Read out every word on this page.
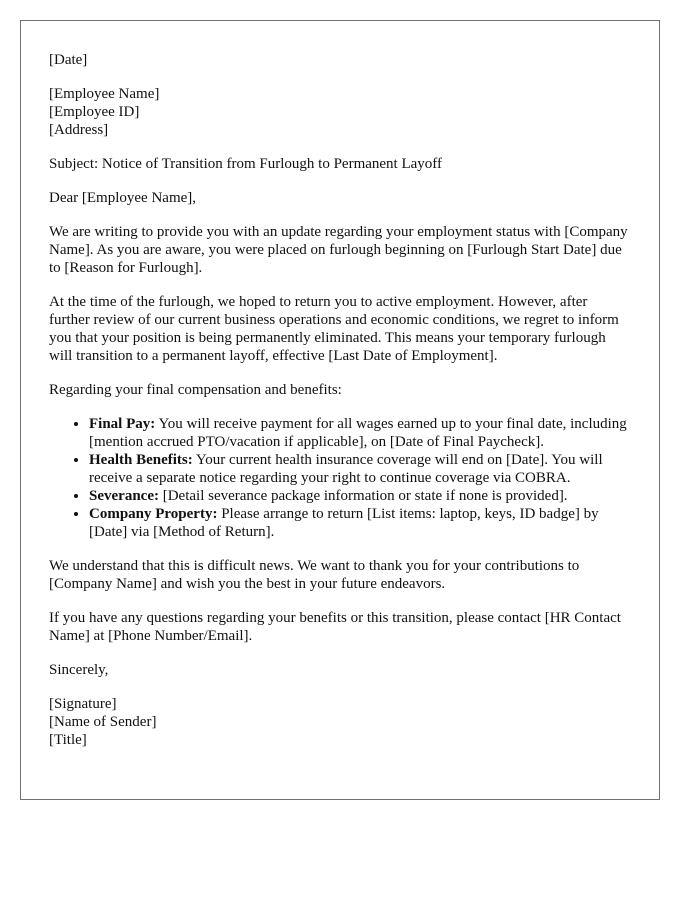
[Date]

[Employee Name]
[Employee ID]
[Address]

Subject: Notice of Transition from Furlough to Permanent Layoff

Dear [Employee Name],

We are writing to provide you with an update regarding your employment status with [Company Name]. As you are aware, you were placed on furlough beginning on [Furlough Start Date] due to [Reason for Furlough].

At the time of the furlough, we hoped to return you to active employment. However, after further review of our current business operations and economic conditions, we regret to inform you that your position is being permanently eliminated. This means your temporary furlough will transition to a permanent layoff, effective [Last Date of Employment].

Regarding your final compensation and benefits:

• Final Pay: You will receive payment for all wages earned up to your final date, including [mention accrued PTO/vacation if applicable], on [Date of Final Paycheck].
• Health Benefits: Your current health insurance coverage will end on [Date]. You will receive a separate notice regarding your right to continue coverage via COBRA.
• Severance: [Detail severance package information or state if none is provided].
• Company Property: Please arrange to return [List items: laptop, keys, ID badge] by [Date] via [Method of Return].

We understand that this is difficult news. We want to thank you for your contributions to [Company Name] and wish you the best in your future endeavors.

If you have any questions regarding your benefits or this transition, please contact [HR Contact Name] at [Phone Number/Email].

Sincerely,

[Signature]
[Name of Sender]
[Title]
